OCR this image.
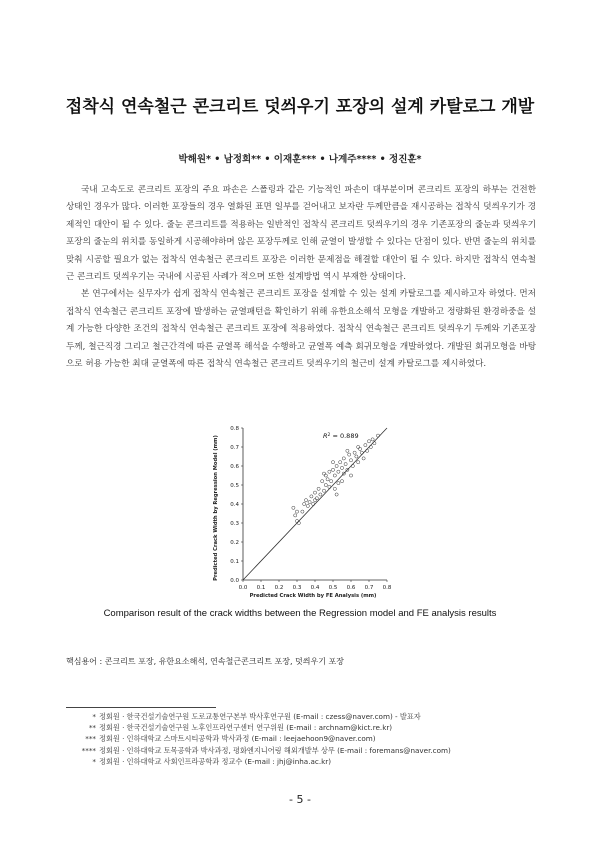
접착식 연속철근 콘크리트 덧씌우기 포장의 설계 카탈로그 개발
박해원* • 남정희** • 이재훈*** • 나계주**** • 정진훈*

국내 고속도로 콘크리트 포장의 주요 파손은 스폴링과 같은 기능적인 파손이 대부분이며 콘크리트 포장의 하부는 건전한 상태인 경우가 많다. 이러한 포장들의 경우 열화된 표면 일부를 걷어내고 보자란 두께만큼을 재시공하는 접착식 덧씌우기가 경제적인 대안이 될 수 있다. 줄눈 콘크리트를 적용하는 일반적인 접착식 콘크리트 덧씌우기의 경우 기존포장의 줄눈과 덧씌우기 포장의 줄눈의 위치를 동일하게 시공해야하며 않은 포장두께로 인해 균열이 발생할 수 있다는 단점이 있다. 반면 줄눈의 위치를 맞춰 시공할 필요가 없는 접착식 연속철근 콘크리트 포장은 이러한 문제점을 해결할 대안이 될 수 있다. 하지만 접착식 연속철근 콘크리트 덧씌우기는 국내에 시공된 사례가 적으며 또한 설계방법 역시 부재한 상태이다.

본 연구에서는 실무자가 쉽게 접착식 연속철근 콘크리트 포장을 설계할 수 있는 설계 카탈로그를 제시하고자 하였다. 먼저 접착식 연속철근 콘크리트 포장에 발생하는 균열패턴을 확인하기 위해 유한요소해석 모형을 개발하고 정량화된 환경하중을 설계 가능한 다양한 조건의 접착식 연속철근 콘크리트 포장에 적용하였다. 접착식 연속철근 콘크리트 덧씌우기 두께와 기존포장 두께, 철근직경 그리고 철근간격에 따른 균열폭 해석을 수행하고 균열폭 예측 회귀모형을 개발하였다. 개발된 회귀모형을 바탕으로 허용 가능한 최대 균열폭에 따른 접착식 연속철근 콘크리트 덧씌우기의 철근비 설계 카탈로그를 제시하였다.

0.0 0.1 0.2 0.3 0.4 0.5 0.6 0.7 0.8
0.0
0.1
0.2
0.3
0.4
0.5
0.6
0.7
0.8
Predicted Crack Width by FE Analysis (mm)
Predicted Crack Width by Regression Model (mm)	$R^2 = 0.889$
Comparison result of the crack widths between the Regression model and FE analysis results
핵심용어 : 콘크리트 포장, 유한요소해석, 연속철근콘크리트 포장, 덧씌우기 포장
* 정회원 · 한국건설기술연구원 도로교통연구본부 박사후연구원 (E-mail : czess@naver.com) - 발표자
** 정회원 · 한국건설기술연구원 노후인프라연구센터 연구위원 (E-mail : archnam@kict.re.kr)
*** 정회원 · 인하대학교 스마트시티공학과 박사과정 (E-mail : leejaehoon9@naver.com)
**** 정회원 · 인하대학교 토목공학과 박사과정, 평화엔지니어링 해외개발부 상무 (E-mail : foremans@naver.com)
* 정회원 · 인하대학교 사회인프라공학과 정교수 (E-mail : jhj@inha.ac.kr)
- 5 -
